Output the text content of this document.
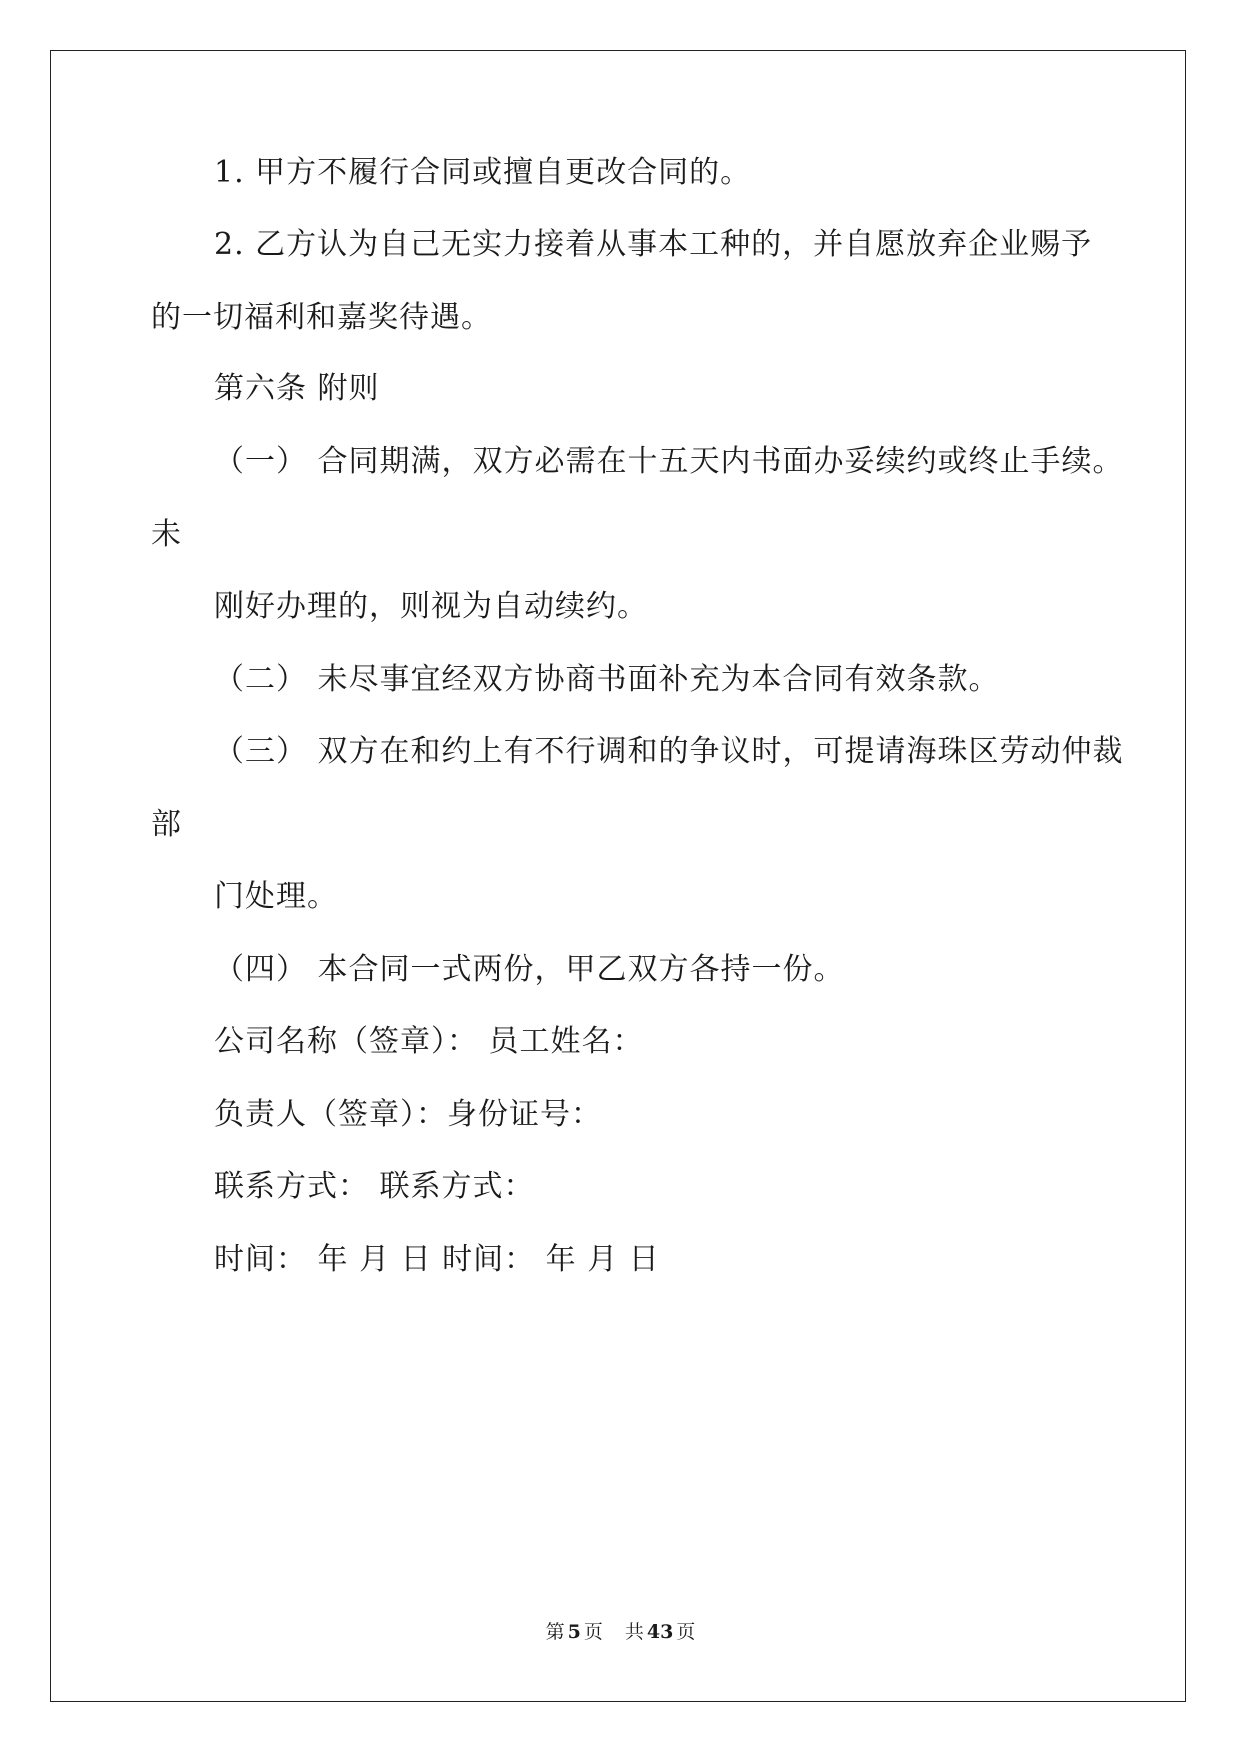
1. 甲方不履行合同或擅自更改合同的。
2. 乙方认为自己无实力接着从事本工种的，并自愿放弃企业赐予
的一切福利和嘉奖待遇。
第六条 附则
（一） 合同期满，双方必需在十五天内书面办妥续约或终止手续。
未
刚好办理的，则视为自动续约。
（二） 未尽事宜经双方协商书面补充为本合同有效条款。
（三） 双方在和约上有不行调和的争议时，可提请海珠区劳动仲裁
部
门处理。
（四） 本合同一式两份，甲乙双方各持一份。
公司名称（签章）： 员工姓名：
负责人（签章）：身份证号：
联系方式： 联系方式：
时间： 年 月 日 时间： 年 月 日
第 5 页 共 43 页
